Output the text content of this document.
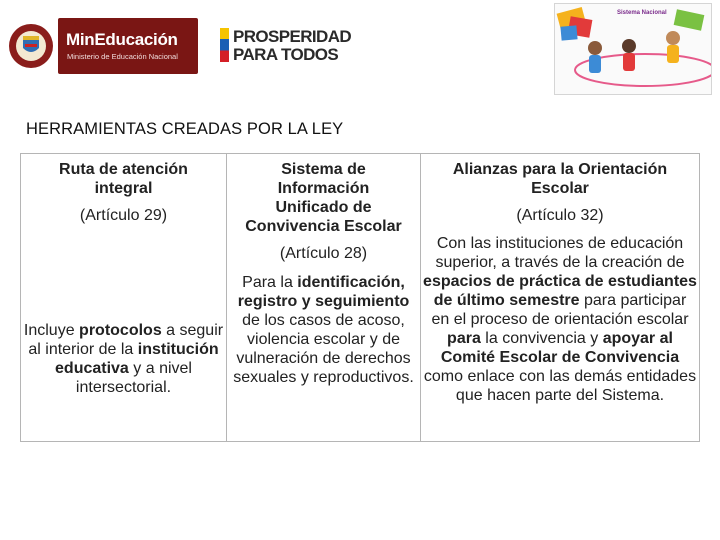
MinEducación
Ministerio de Educación Nacional
PROSPERIDAD
PARA TODOS
Sistema Nacional
HERRAMIENTAS CREADAS POR LA LEY
Ruta de atención
integral
(Artículo 29)
Incluye protocolos a seguir al interior de la institución educativa y a nivel intersectorial.
Sistema de
Información
Unificado de
Convivencia Escolar
(Artículo 28)
Para la identificación, registro y seguimiento de los casos de acoso, violencia escolar y de vulneración de derechos sexuales y reproductivos.
Alianzas para la Orientación
Escolar
(Artículo 32)
Con las instituciones de educación superior, a través de la creación de espacios de práctica de estudiantes de último semestre para participar en el proceso de orientación escolar para la convivencia y apoyar al Comité Escolar de Convivencia como enlace con las demás entidades que hacen parte del Sistema.
